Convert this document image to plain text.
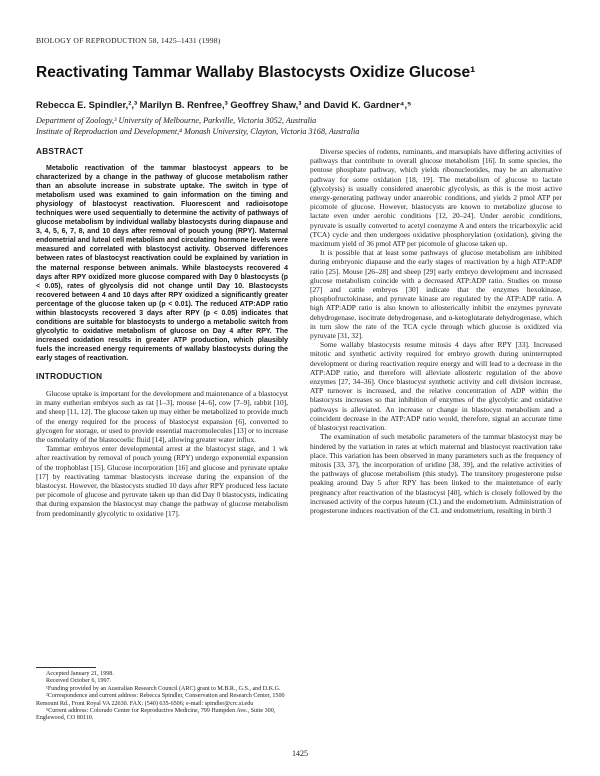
BIOLOGY OF REPRODUCTION 58, 1425–1431 (1998)
Reactivating Tammar Wallaby Blastocysts Oxidize Glucose¹

Rebecca E. Spindler,²,³ Marilyn B. Renfree,³ Geoffrey Shaw,³ and David K. Gardner⁴,⁵

Department of Zoology,³ University of Melbourne, Parkville, Victoria 3052, Australia

Institute of Reproduction and Development,⁴ Monash University, Clayton, Victoria 3168, Australia

ABSTRACT

Metabolic reactivation of the tammar blastocyst appears to be characterized by a change in the pathway of glucose metabolism rather than an absolute increase in substrate uptake. The switch in type of metabolism used was examined to gain information on the timing and physiology of blastocyst reactivation. Fluorescent and radioisotope techniques were used sequentially to determine the activity of pathways of glucose metabolism by individual wallaby blastocysts during diapause and 3, 4, 5, 6, 7, 8, and 10 days after removal of pouch young (RPY). Maternal endometrial and luteal cell metabolism and circulating hormone levels were measured and correlated with blastocyst activity. Observed differences between rates of blastocyst reactivation could be explained by variation in the maternal response between animals. While blastocysts recovered 4 days after RPY oxidized more glucose compared with Day 0 blastocysts (p < 0.05), rates of glycolysis did not change until Day 10. Blastocysts recovered between 4 and 10 days after RPY oxidized a significantly greater percentage of the glucose taken up (p < 0.01). The reduced ATP:ADP ratio within blastocysts recovered 3 days after RPY (p < 0.05) indicates that conditions are suitable for blastocysts to undergo a metabolic switch from glycolytic to oxidative metabolism of glucose on Day 4 after RPY. The increased oxidation results in greater ATP production, which plausibly fuels the increased energy requirements of wallaby blastocysts during the early stages of reactivation.

INTRODUCTION

Glucose uptake is important for the development and maintenance of a blastocyst in many eutherian embryos such as rat [1–3], mouse [4–6], cow [7–9], rabbit [10], and sheep [11, 12]. The glucose taken up may either be metabolized to provide much of the energy required for the process of blastocyst expansion [6], converted to glycogen for storage, or used to provide essential macromolecules [13] or to increase the osmolarity of the blastocoelic fluid [14], allowing greater water influx.

Tammar embryos enter developmental arrest at the blastocyst stage, and 1 wk after reactivation by removal of pouch young (RPY) undergo exponential expansion of the trophoblast [15]. Glucose incorporation [16] and glucose and pyruvate uptake [17] by reactivating tammar blastocysts increase during the expansion of the blastocyst. However, the blastocysts studied 10 days after RPY produced less lactate per picomole of glucose and pyruvate taken up than did Day 0 blastocysts, indicating that during expansion the blastocyst may change the pathway of glucose metabolism from predominantly glycolytic to oxidative [17].

Accepted January 21, 1998.

Received October 6, 1997.

¹Funding provided by an Australian Research Council (ARC) grant to M.B.R., G.S., and D.K.G.

²Correspondence and current address: Rebecca Spindler, Conservation and Research Center, 1500 Remount Rd., Front Royal VA 22630. FAX: (540) 635-6506; e-mail: spindler@crc.si.edu

⁵Current address: Colorado Center for Reproductive Medicine, 799 Hampden Ave., Suite 300, Englewood, CO 80110.

Diverse species of rodents, ruminants, and marsupials have differing activities of pathways that contribute to overall glucose metabolism [16]. In some species, the pentose phosphate pathway, which yields ribonucleotides, may be an alternative pathway for some oxidation [18, 19]. The metabolism of glucose to lactate (glycolysis) is usually considered anaerobic glycolysis, as this is the most active energy-generating pathway under anaerobic conditions, and yields 2 pmol ATP per picomole of glucose. However, blastocysts are known to metabolize glucose to lactate even under aerobic conditions [12, 20–24]. Under aerobic conditions, pyruvate is usually converted to acetyl coenzyme A and enters the tricarboxylic acid (TCA) cycle and then undergoes oxidative phosphorylation (oxidation), giving the maximum yield of 36 pmol ATP per picomole of glucose taken up.

It is possible that at least some pathways of glucose metabolism are inhibited during embryonic diapause and the early stages of reactivation by a high ATP:ADP ratio [25]. Mouse [26–28] and sheep [29] early embryo development and increased glucose metabolism coincide with a decreased ATP:ADP ratio. Studies on mouse [27] and cattle embryos [30] indicate that the enzymes hexokinase, phosphofructokinase, and pyruvate kinase are regulated by the ATP:ADP ratio. A high ATP:ADP ratio is also known to allosterically inhibit the enzymes pyruvate dehydrogenase, isocitrate dehydrogenase, and α-ketoglutarate dehydrogenase, which in turn slow the rate of the TCA cycle through which glucose is oxidized via pyruvate [31, 32].

Some wallaby blastocysts resume mitosis 4 days after RPY [33]. Increased mitotic and synthetic activity required for embryo growth during uninterrupted development or during reactivation require energy and will lead to a decrease in the ATP:ADP ratio, and therefore will alleviate allosteric regulation of the above enzymes [27, 34–36]. Once blastocyst synthetic activity and cell division increase, ATP turnover is increased, and the relative concentration of ADP within the blastocysts increases so that inhibition of enzymes of the glycolytic and oxidative pathways is alleviated. An increase or change in blastocyst metabolism and a coincident decrease in the ATP:ADP ratio would, therefore, signal an accurate time of blastocyst reactivation.

The examination of such metabolic parameters of the tammar blastocyst may be hindered by the variation in rates at which maternal and blastocyst reactivation take place. This variation has been observed in many parameters such as the frequency of mitosis [33, 37], the incorporation of uridine [38, 39], and the relative activities of the pathways of glucose metabolism (this study). The transitory progesterone pulse peaking around Day 5 after RPY has been linked to the maintenance of early pregnancy after reactivation of the blastocyst [40], which is closely followed by the increased activity of the corpus luteum (CL) and the endometrium. Administration of progesterone induces reactivation of the CL and endometrium, resulting in birth 3

1425
